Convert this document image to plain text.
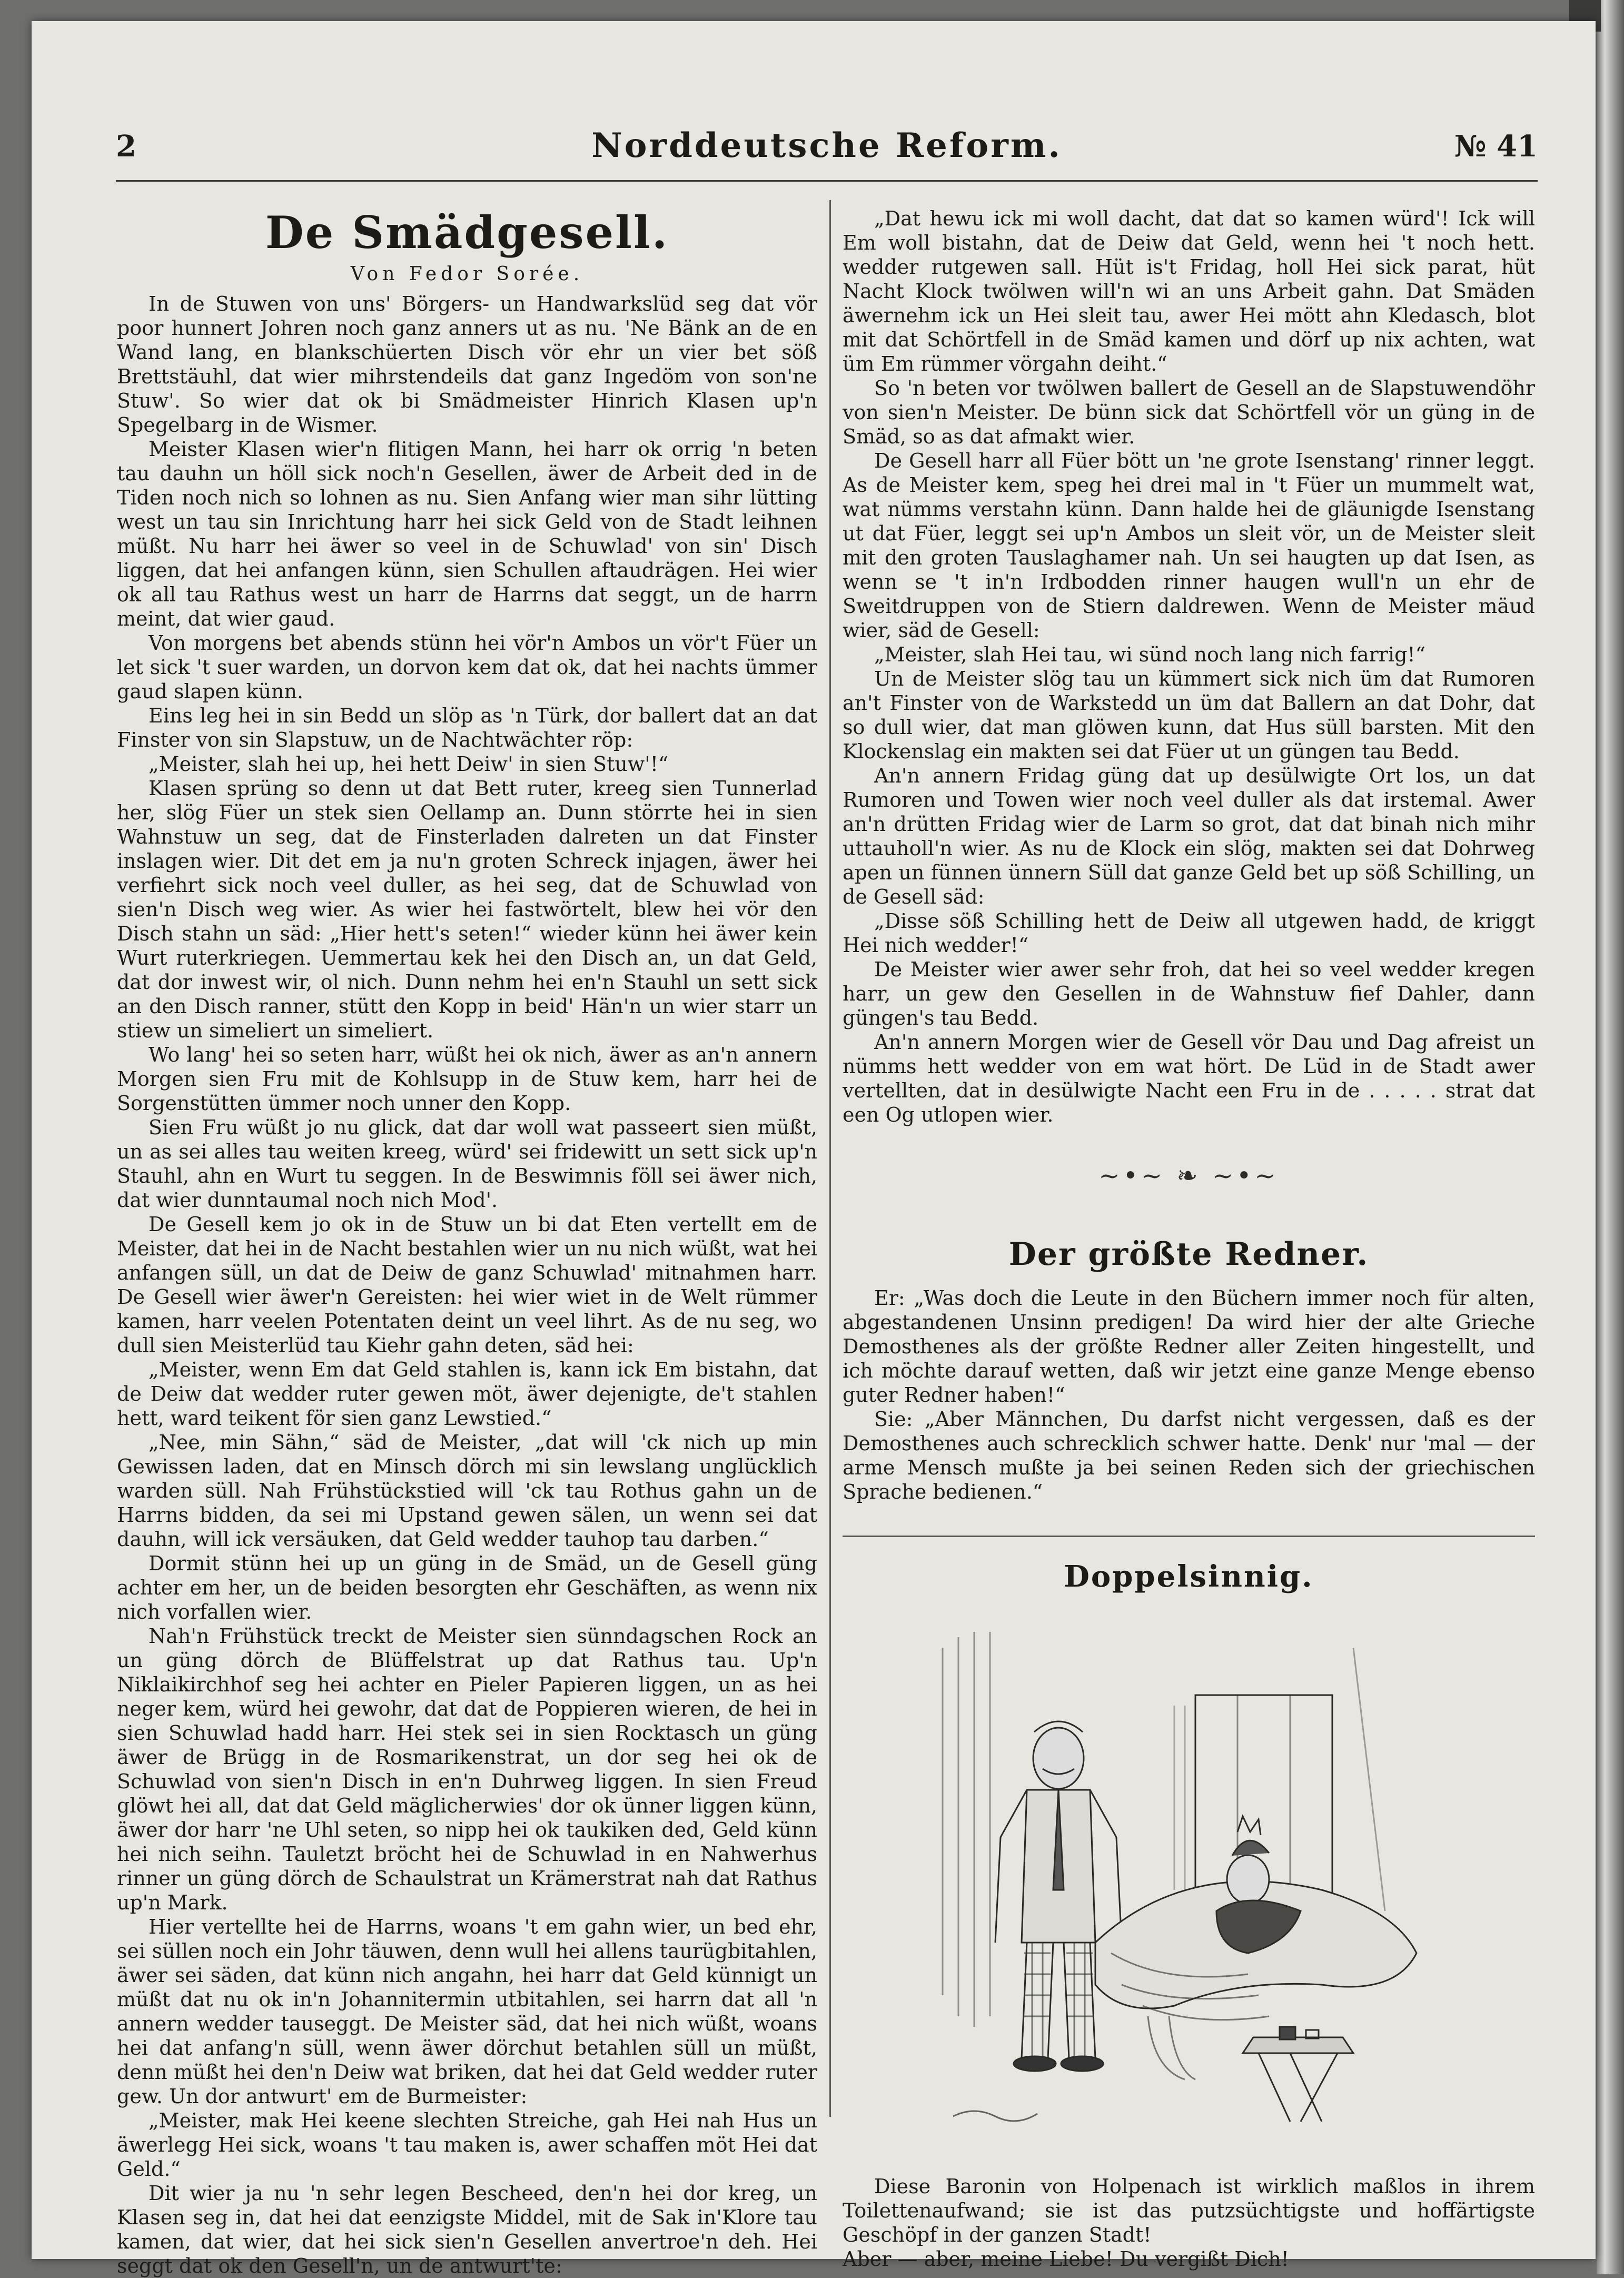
2	Norddeutsche Reform.	№ 41
De Smädgesell.
Von Fedor Sorée.

In de Stuwen von uns' Börgers- un Handwarkslüd seg dat vör poor hunnert Johren noch ganz anners ut as nu. 'Ne Bänk an de en Wand lang, en blankschüerten Disch vör ehr un vier bet söß Brettstäuhl, dat wier mihrstendeils dat ganz Ingedöm von son'ne Stuw'. So wier dat ok bi Smädmeister Hinrich Klasen up'n Spegelbarg in de Wismer.

Meister Klasen wier'n flitigen Mann, hei harr ok orrig 'n beten tau dauhn un höll sick noch'n Gesellen, äwer de Arbeit ded in de Tiden noch nich so lohnen as nu. Sien Anfang wier man sihr lütting west un tau sin Inrichtung harr hei sick Geld von de Stadt leihnen müßt. Nu harr hei äwer so veel in de Schuwlad' von sin' Disch liggen, dat hei anfangen künn, sien Schullen aftaudrägen. Hei wier ok all tau Rathus west un harr de Harrns dat seggt, un de harrn meint, dat wier gaud.

Von morgens bet abends stünn hei vör'n Ambos un vör't Füer un let sick 't suer warden, un dorvon kem dat ok, dat hei nachts ümmer gaud slapen künn.

Eins leg hei in sin Bedd un slöp as 'n Türk, dor ballert dat an dat Finster von sin Slapstuw, un de Nachtwächter röp:

„Meister, slah hei up, hei hett Deiw' in sien Stuw'!“

Klasen sprüng so denn ut dat Bett ruter, kreeg sien Tunnerlad her, slög Füer un stek sien Oellamp an. Dunn störrte hei in sien Wahnstuw un seg, dat de Finsterladen dalreten un dat Finster inslagen wier. Dit det em ja nu'n groten Schreck injagen, äwer hei verfiehrt sick noch veel duller, as hei seg, dat de Schuwlad von sien'n Disch weg wier. As wier hei fastwörtelt, blew hei vör den Disch stahn un säd: „Hier hett's seten!“ wieder künn hei äwer kein Wurt ruterkriegen. Uemmertau kek hei den Disch an, un dat Geld, dat dor inwest wir, ol nich. Dunn nehm hei en'n Stauhl un sett sick an den Disch ranner, stütt den Kopp in beid' Hän'n un wier starr un stiew un simeliert un simeliert.

Wo lang' hei so seten harr, wüßt hei ok nich, äwer as an'n annern Morgen sien Fru mit de Kohlsupp in de Stuw kem, harr hei de Sorgenstütten ümmer noch unner den Kopp.

Sien Fru wüßt jo nu glick, dat dar woll wat passeert sien müßt, un as sei alles tau weiten kreeg, würd' sei fridewitt un sett sick up'n Stauhl, ahn en Wurt tu seggen. In de Beswimnis föll sei äwer nich, dat wier dunntaumal noch nich Mod'.

De Gesell kem jo ok in de Stuw un bi dat Eten vertellt em de Meister, dat hei in de Nacht bestahlen wier un nu nich wüßt, wat hei anfangen süll, un dat de Deiw de ganz Schuwlad' mitnahmen harr. De Gesell wier äwer'n Gereisten: hei wier wiet in de Welt rümmer kamen, harr veelen Potentaten deint un veel lihrt. As de nu seg, wo dull sien Meisterlüd tau Kiehr gahn deten, säd hei:

„Meister, wenn Em dat Geld stahlen is, kann ick Em bistahn, dat de Deiw dat wedder ruter gewen möt, äwer dejenigte, de't stahlen hett, ward teikent för sien ganz Lewstied.“

„Nee, min Sähn,“ säd de Meister, „dat will 'ck nich up min Gewissen laden, dat en Minsch dörch mi sin lewslang unglücklich warden süll. Nah Frühstückstied will 'ck tau Rothus gahn un de Harrns bidden, da sei mi Upstand gewen sälen, un wenn sei dat dauhn, will ick versäuken, dat Geld wedder tauhop tau darben.“

Dormit stünn hei up un güng in de Smäd, un de Gesell güng achter em her, un de beiden besorgten ehr Geschäften, as wenn nix nich vorfallen wier.

Nah'n Frühstück treckt de Meister sien sünndagschen Rock an un güng dörch de Blüffelstrat up dat Rathus tau. Up'n Niklaikirchhof seg hei achter en Pieler Papieren liggen, un as hei neger kem, würd hei gewohr, dat dat de Poppieren wieren, de hei in sien Schuwlad hadd harr. Hei stek sei in sien Rocktasch un güng äwer de Brügg in de Rosmarikenstrat, un dor seg hei ok de Schuwlad von sien'n Disch in en'n Duhrweg liggen. In sien Freud glöwt hei all, dat dat Geld mäglicherwies' dor ok ünner liggen künn, äwer dor harr 'ne Uhl seten, so nipp hei ok taukiken ded, Geld künn hei nich seihn. Tauletzt bröcht hei de Schuwlad in en Nahwerhus rinner un güng dörch de Schaulstrat un Krämerstrat nah dat Rathus up'n Mark.

Hier vertellte hei de Harrns, woans 't em gahn wier, un bed ehr, sei süllen noch ein Johr täuwen, denn wull hei allens taurügbitahlen, äwer sei säden, dat künn nich angahn, hei harr dat Geld künnigt un müßt dat nu ok in'n Johannitermin utbitahlen, sei harrn dat all 'n annern wedder tauseggt. De Meister säd, dat hei nich wüßt, woans hei dat anfang'n süll, wenn äwer dörchut betahlen süll un müßt, denn müßt hei den'n Deiw wat briken, dat hei dat Geld wedder ruter gew. Un dor antwurt' em de Burmeister:

„Meister, mak Hei keene slechten Streiche, gah Hei nah Hus un äwerlegg Hei sick, woans 't tau maken is, awer schaffen möt Hei dat Geld.“

Dit wier ja nu 'n sehr legen Bescheed, den'n hei dor kreg, un Klasen seg in, dat hei dat eenzigste Middel, mit de Sak in'Klore tau kamen, dat wier, dat hei sick sien'n Gesellen anvertroe'n deh. Hei seggt dat ok den Gesell'n, un de antwurt'te:

„Dat hewu ick mi woll dacht, dat dat so kamen würd'! Ick will Em woll bistahn, dat de Deiw dat Geld, wenn hei 't noch hett. wedder rutgewen sall. Hüt is't Fridag, holl Hei sick parat, hüt Nacht Klock twölwen will'n wi an uns Arbeit gahn. Dat Smäden äwernehm ick un Hei sleit tau, awer Hei mött ahn Kledasch, blot mit dat Schörtfell in de Smäd kamen und dörf up nix achten, wat üm Em rümmer vörgahn deiht.“

So 'n beten vor twölwen ballert de Gesell an de Slapstuwendöhr von sien'n Meister. De bünn sick dat Schörtfell vör un güng in de Smäd, so as dat afmakt wier.

De Gesell harr all Füer bött un 'ne grote Isenstang' rinner leggt. As de Meister kem, speg hei drei mal in 't Füer un mummelt wat, wat nümms verstahn künn. Dann halde hei de gläunigde Isenstang ut dat Füer, leggt sei up'n Ambos un sleit vör, un de Meister sleit mit den groten Tauslaghamer nah. Un sei haugten up dat Isen, as wenn se 't in'n Irdbodden rinner haugen wull'n un ehr de Sweitdruppen von de Stiern daldrewen. Wenn de Meister mäud wier, säd de Gesell:

„Meister, slah Hei tau, wi sünd noch lang nich farrig!“

Un de Meister slög tau un kümmert sick nich üm dat Rumoren an't Finster von de Warkstedd un üm dat Ballern an dat Dohr, dat so dull wier, dat man glöwen kunn, dat Hus süll barsten. Mit den Klockenslag ein makten sei dat Füer ut un güngen tau Bedd.

An'n annern Fridag güng dat up desülwigte Ort los, un dat Rumoren und Towen wier noch veel duller als dat irstemal. Awer an'n drütten Fridag wier de Larm so grot, dat dat binah nich mihr uttauholl'n wier. As nu de Klock ein slög, makten sei dat Dohrweg apen un fünnen ünnern Süll dat ganze Geld bet up söß Schilling, un de Gesell säd:

„Disse söß Schilling hett de Deiw all utgewen hadd, de kriggt Hei nich wedder!“

De Meister wier awer sehr froh, dat hei so veel wedder kregen harr, un gew den Gesellen in de Wahnstuw fief Dahler, dann güngen's tau Bedd.

An'n annern Morgen wier de Gesell vör Dau und Dag afreist un nümms hett wedder von em wat hört. De Lüd in de Stadt awer vertellten, dat in desülwigte Nacht een Fru in de . . . . . strat dat een Og utlopen wier.

~•~ ❧ ~•~
Der größte Redner.

Er: „Was doch die Leute in den Büchern immer noch für alten, abgestandenen Unsinn predigen! Da wird hier der alte Grieche Demosthenes als der größte Redner aller Zeiten hingestellt, und ich möchte darauf wetten, daß wir jetzt eine ganze Menge ebenso guter Redner haben!“

Sie: „Aber Männchen, Du darfst nicht vergessen, daß es der Demosthenes auch schrecklich schwer hatte. Denk' nur 'mal — der arme Mensch mußte ja bei seinen Reden sich der griechischen Sprache bedienen.“

Doppelsinnig.

Diese Baronin von Holpenach ist wirklich maßlos in ihrem Toilettenaufwand; sie ist das putzsüchtigste und hoffärtigste Geschöpf in der ganzen Stadt!

Aber — aber, meine Liebe! Du vergißt Dich!
